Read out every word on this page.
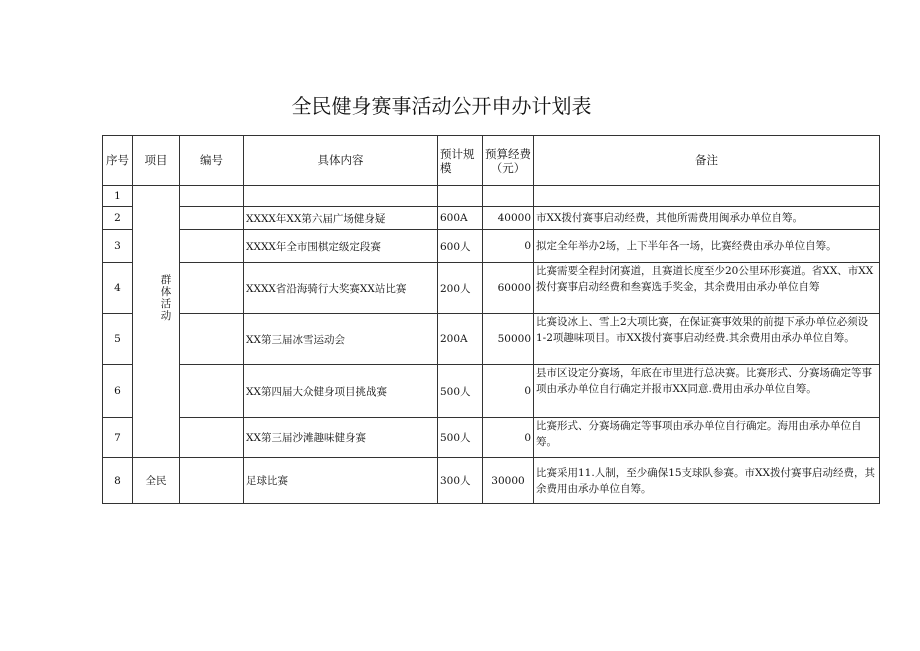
全民健身赛事活动公开申办计划表
序号	项目	编号	具体内容	预计规模	预算经费（元）	备注
1	群体活动					
2			XXXX年XX第六届广场健身疑	600A	40000	市XX拨付赛事启动经费，其他所需费用闽承办单位自筹。
3			XXXX年全市围棋定级定段赛	600人	0	拟定全年举办2场，上下半年各一场，比赛经费由承办单位自筹。
4			XXXX省沿海骑行大奖赛XX站比赛	200人	60000	比赛需要全程封闭赛道，且赛道长度至少20公里环形赛道。省XX、市XX拨付赛事启动经费和叁赛选手奖金，其余费用由承办单位自筹
5			XX第三届冰雪运动会	200A	50000	比赛设冰上、雪上2大项比赛，在保证赛事效果的前提下承办单位必须设1-2项趣味项目。市XX拨付赛事启动经费.其余费用由承办单位自筹。
6			XX第四届大众健身项目挑战赛	500人	0	县市区设定分赛场，年底在市里进行总决赛。比赛形式、分赛场确定等事项由承办单位自行确定并报市XX同意.费用由承办单位自筹。
7			XX第三届沙滩趣味健身赛	500人	0	比赛形式、分赛场确定等事项由承办单位自行确定。海用由承办单位自筹。
8	全民		足球比赛	300人	30000	比赛采用11.人制，至少确保15支球队参赛。市XX拨付赛事启动经费，其余费用由承办单位自筹。
